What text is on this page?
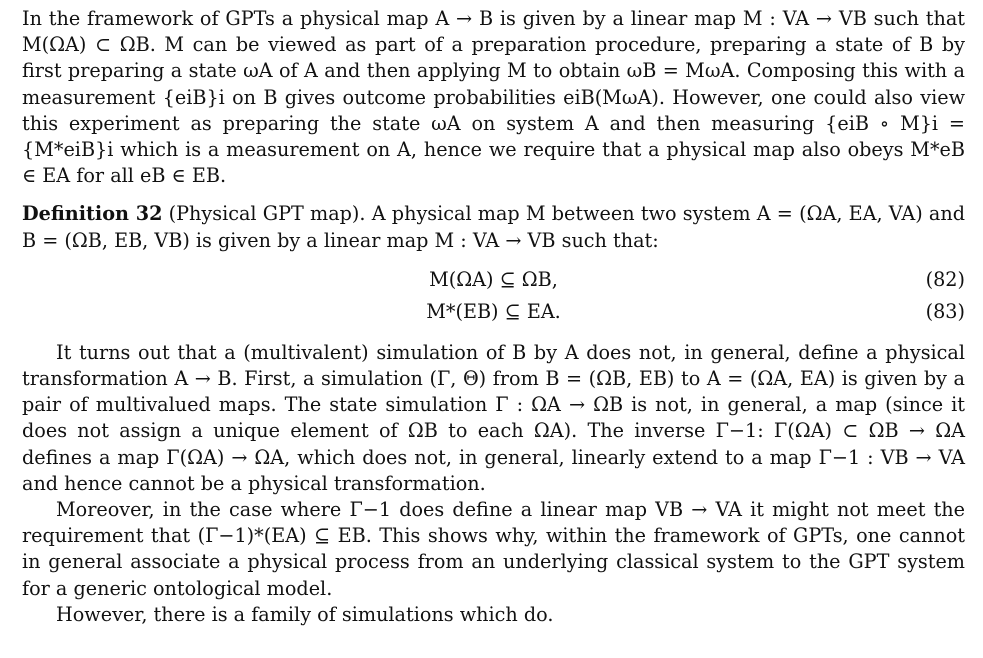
In the framework of GPTs a physical map A → B is given by a linear map M : VA → VB such that M(ΩA) ⊂ ΩB. M can be viewed as part of a preparation procedure, preparing a state of B by first preparing a state ωA of A and then applying M to obtain ωB = MωA. Composing this with a measurement {eiB}i on B gives outcome probabilities eiB(MωA). However, one could also view this experiment as preparing the state ωA on system A and then measuring {eiB ∘ M}i = {M*eiB}i which is a measurement on A, hence we require that a physical map also obeys M*eB ∈ EA for all eB ∈ EB.

Definition 32 (Physical GPT map). A physical map M between two system A = (ΩA, EA, VA) and B = (ΩB, EB, VB) is given by a linear map M : VA → VB such that:

M(ΩA) ⊆ ΩB,	(82)
M*(EB) ⊆ EA.	(83)

It turns out that a (multivalent) simulation of B by A does not, in general, define a physical transformation A → B. First, a simulation (Γ, Θ) from B = (ΩB, EB) to A = (ΩA, EA) is given by a pair of multivalued maps. The state simulation Γ : ΩA → ΩB is not, in general, a map (since it does not assign a unique element of ΩB to each ΩA). The inverse Γ−1: Γ(ΩA) ⊂ ΩB → ΩA defines a map Γ(ΩA) → ΩA, which does not, in general, linearly extend to a map Γ−1 : VB → VA and hence cannot be a physical transformation.

Moreover, in the case where Γ−1 does define a linear map VB → VA it might not meet the requirement that (Γ−1)*(EA) ⊆ EB. This shows why, within the framework of GPTs, one cannot in general associate a physical process from an underlying classical system to the GPT system for a generic ontological model.

However, there is a family of simulations which do.
